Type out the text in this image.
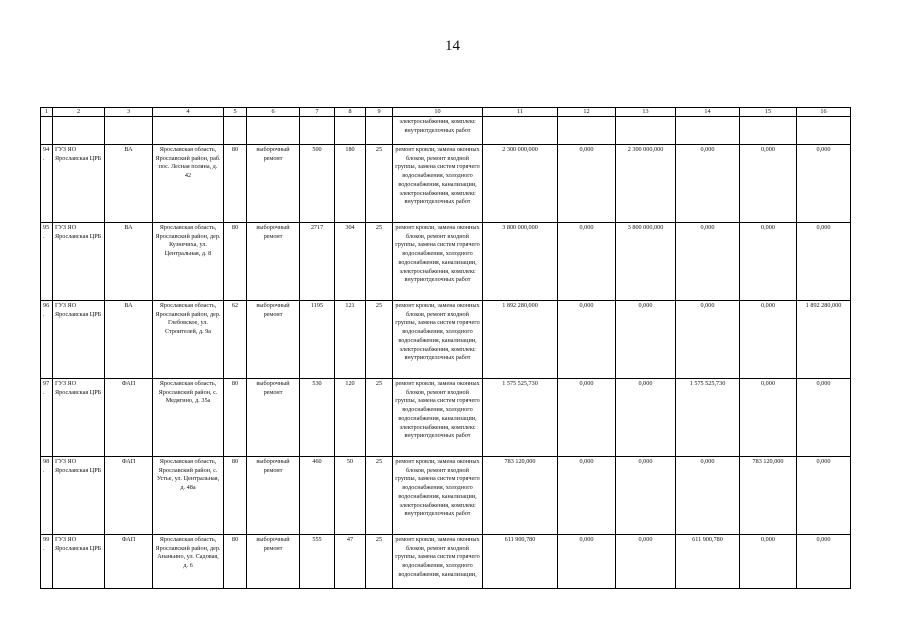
14
1	2	3	4	5	6	7	8	9	10	11	12	13	14	15	16
									электроснабжения, комплекс внутриотделочных работ						
94.	ГУЗ ЯО Ярославская ЦРБ	ВА	Ярославская область, Ярославский район, раб. пос. Лесная поляна, д. 42	80	выборочный ремонт	500	180	25	ремонт кровли, замена оконных блоков, ремонт входной группы, замена систем горячего водоснабжения, холодного водоснабжения, канализации, электроснабжения, комплекс внутриотделочных работ	2 300 000,000	0,000	2 300 000,000	0,000	0,000	0,000
95.	ГУЗ ЯО Ярославская ЦРБ	ВА	Ярославская область, Ярославский район, дер. Кузнечиха, ул. Центральная, д. 8	80	выборочный ремонт	2717	304	25	ремонт кровли, замена оконных блоков, ремонт входной группы, замена систем горячего водоснабжения, холодного водоснабжения, канализации, электроснабжения, комплекс внутриотделочных работ	3 800 000,000	0,000	3 800 000,000	0,000	0,000	0,000
96.	ГУЗ ЯО Ярославская ЦРБ	ВА	Ярославская область, Ярославский район, дер. Глебовское, ул. Строителей, д. 9а	62	выборочный ремонт	1195	121	25	ремонт кровли, замена оконных блоков, ремонт входной группы, замена систем горячего водоснабжения, холодного водоснабжения, канализации, электроснабжения, комплекс внутриотделочных работ	1 892 280,000	0,000	0,000	0,000	0,000	1 892 280,000
97.	ГУЗ ЯО Ярославская ЦРБ	ФАП	Ярославская область, Ярославский район, с. Медягино, д. 35а	80	выборочный ремонт	530	120	25	ремонт кровли, замена оконных блоков, ремонт входной группы, замена систем горячего водоснабжения, холодного водоснабжения, канализации, электроснабжения, комплекс внутриотделочных работ	1 575 525,730	0,000	0,000	1 575 525,730	0,000	0,000
98.	ГУЗ ЯО Ярославская ЦРБ	ФАП	Ярославская область, Ярославский район, с. Устье, ул. Центральная, д. 48а	80	выборочный ремонт	460	50	25	ремонт кровли, замена оконных блоков, ремонт входной группы, замена систем горячего водоснабжения, холодного водоснабжения, канализации, электроснабжения, комплекс внутриотделочных работ	783 120,000	0,000	0,000	0,000	783 120,000	0,000
99.	ГУЗ ЯО Ярославская ЦРБ	ФАП	Ярославская область, Ярославский район, дер. Ананьино, ул. Садовая, д. 6	80	выборочный ремонт	555	47	25	ремонт кровли, замена оконных блоков, ремонт входной группы, замена систем горячего водоснабжения, холодного водоснабжения, канализации,	611 900,780	0,000	0,000	611 900,780	0,000	0,000
